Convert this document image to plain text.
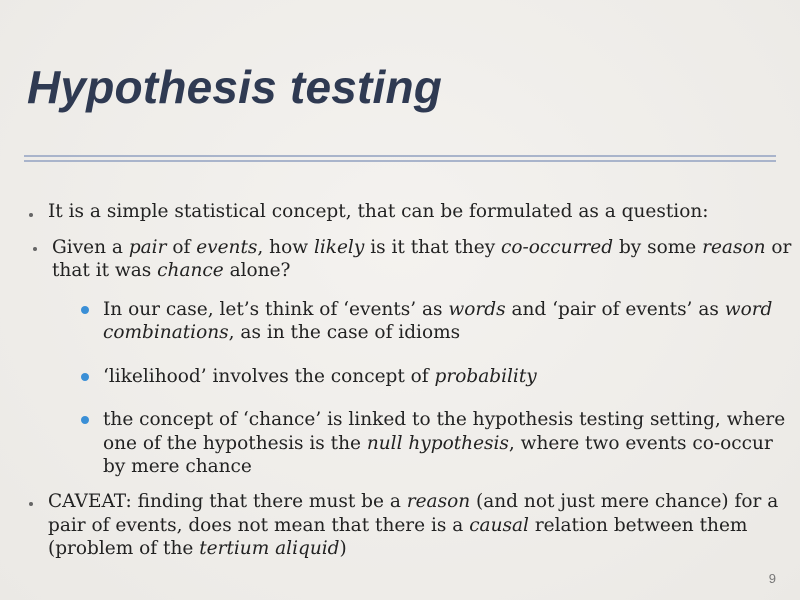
Hypothesis testing
It is a simple statistical concept, that can be formulated as a question:
Given a pair of events, how likely is it that they co-occurred by some reason or
that it was chance alone?
In our case, let’s think of ‘events’ as words and ‘pair of events’ as word
combinations, as in the case of idioms
‘likelihood’ involves the concept of probability
the concept of ‘chance’ is linked to the hypothesis testing setting, where
one of the hypothesis is the null hypothesis, where two events co-occur
by mere chance
CAVEAT: finding that there must be a reason (and not just mere chance) for a
pair of events, does not mean that there is a causal relation between them
(problem of the tertium aliquid)
9
